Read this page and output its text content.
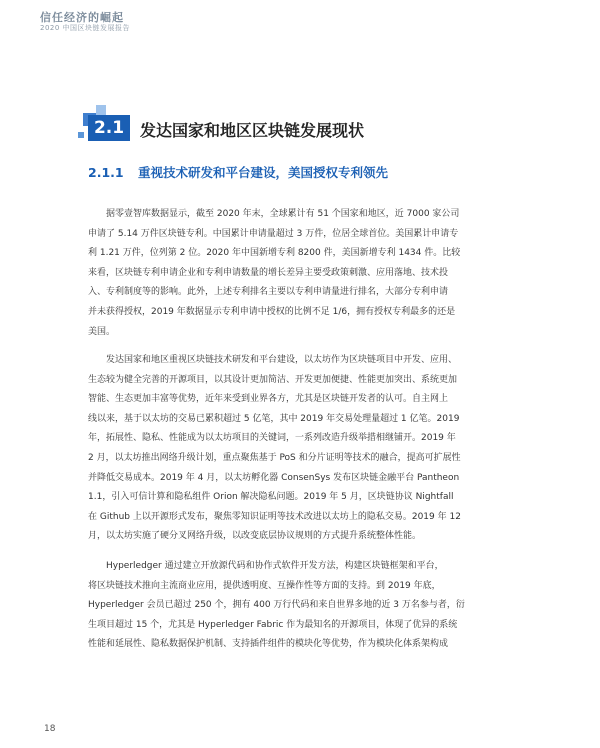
信任经济的崛起
2020 中国区块链发展报告
2.1 发达国家和地区区块链发展现状
2.1.1 重视技术研发和平台建设，美国授权专利领先
据零壹智库数据显示，截至 2020 年末，全球累计有 51 个国家和地区，近 7000 家公司
申请了 5.14 万件区块链专利。中国累计申请量超过 3 万件，位居全球首位。美国累计申请专
利 1.21 万件，位列第 2 位。2020 年中国新增专利 8200 件，美国新增专利 1434 件。比较
来看，区块链专利申请企业和专利申请数量的增长差异主要受政策刺激、应用落地、技术投
入、专利制度等的影响。此外，上述专利排名主要以专利申请量进行排名，大部分专利申请
并未获得授权，2019 年数据显示专利申请中授权的比例不足 1/6，拥有授权专利最多的还是
美国。
发达国家和地区重视区块链技术研发和平台建设，以太坊作为区块链项目中开发、应用、
生态较为健全完善的开源项目，以其设计更加简洁、开发更加便捷、性能更加突出、系统更加
智能、生态更加丰富等优势，近年来受到业界各方，尤其是区块链开发者的认可。自主网上
线以来，基于以太坊的交易已累积超过 5 亿笔，其中 2019 年交易处理量超过 1 亿笔。2019
年，拓展性、隐私、性能成为以太坊项目的关键词，一系列改造升级举措相继铺开。2019 年
2 月，以太坊推出网络升级计划，重点聚焦基于 PoS 和分片证明等技术的融合，提高可扩展性
并降低交易成本。2019 年 4 月，以太坊孵化器 ConsenSys 发布区块链金融平台 Pantheon
1.1，引入可信计算和隐私组件 Orion 解决隐私问题。2019 年 5 月，区块链协议 Nightfall
在 Github 上以开源形式发布，聚焦零知识证明等技术改进以太坊上的隐私交易。2019 年 12
月，以太坊实施了硬分叉网络升级，以改变底层协议规则的方式提升系统整体性能。
Hyperledger 通过建立开放源代码和协作式软件开发方法，构建区块链框架和平台，
将区块链技术推向主流商业应用，提供透明度、互操作性等方面的支持。到 2019 年底，
Hyperledger 会员已超过 250 个，拥有 400 万行代码和来自世界多地的近 3 万名参与者，衍
生项目超过 15 个，尤其是 Hyperledger Fabric 作为最知名的开源项目，体现了优异的系统
性能和延展性、隐私数据保护机制、支持插件组件的模块化等优势，作为模块化体系架构成
18
